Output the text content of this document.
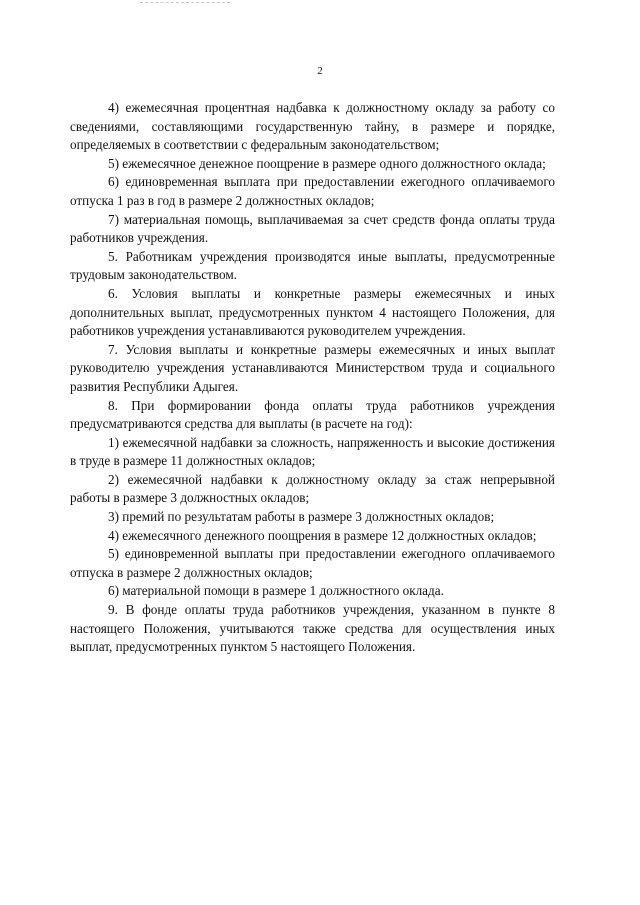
2

4) ежемесячная процентная надбавка к должностному окладу за работу со сведениями, составляющими государственную тайну, в размере и порядке, определяемых в соответствии с федеральным законодательством;

5) ежемесячное денежное поощрение в размере одного должностного оклада;

6) единовременная выплата при предоставлении ежегодного оплачиваемого отпуска 1 раз в год в размере 2 должностных окладов;

7) материальная помощь, выплачиваемая за счет средств фонда оплаты труда работников учреждения.

5. Работникам учреждения производятся иные выплаты, предусмотренные трудовым законодательством.

6. Условия выплаты и конкретные размеры ежемесячных и иных дополнительных выплат, предусмотренных пунктом 4 настоящего Положения, для работников учреждения устанавливаются руководителем учреждения.

7. Условия выплаты и конкретные размеры ежемесячных и иных выплат руководителю учреждения устанавливаются Министерством труда и социального развития Республики Адыгея.

8. При формировании фонда оплаты труда работников учреждения предусматриваются средства для выплаты (в расчете на год):

1) ежемесячной надбавки за сложность, напряженность и высокие достижения в труде в размере 11 должностных окладов;

2) ежемесячной надбавки к должностному окладу за стаж непрерывной работы в размере 3 должностных окладов;

3) премий по результатам работы в размере 3 должностных окладов;

4) ежемесячного денежного поощрения в размере 12 должностных окладов;

5) единовременной выплаты при предоставлении ежегодного оплачиваемого отпуска в размере 2 должностных окладов;

6) материальной помощи в размере 1 должностного оклада.

9. В фонде оплаты труда работников учреждения, указанном в пункте 8 настоящего Положения, учитываются также средства для осуществления иных выплат, предусмотренных пунктом 5 настоящего Положения.
